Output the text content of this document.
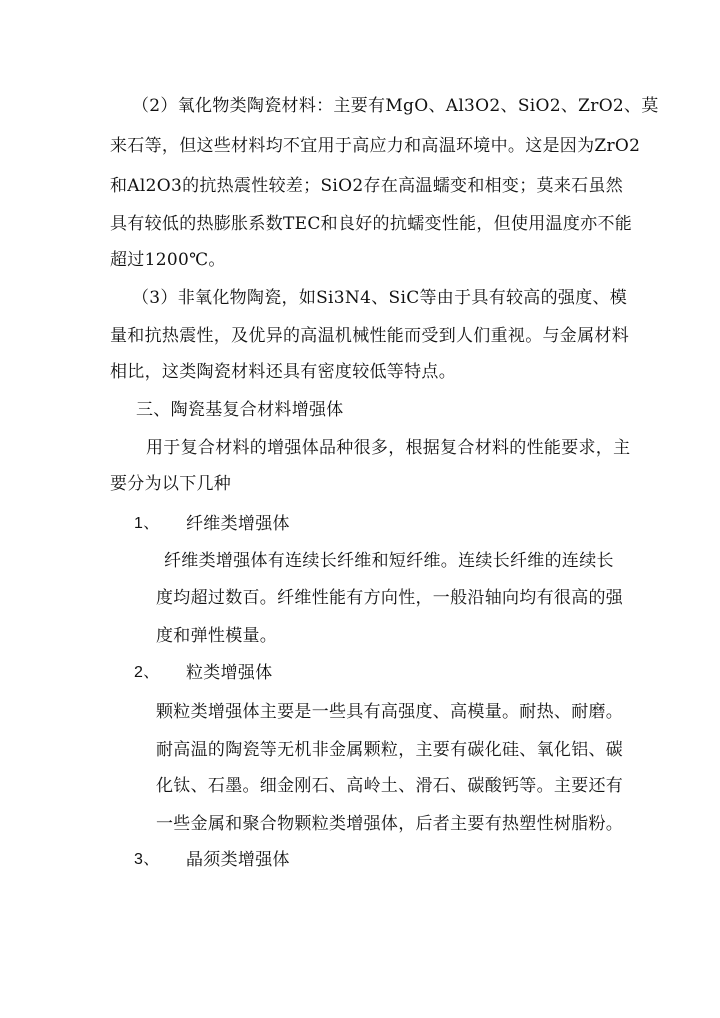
（2）氧化物类陶瓷材料：主要有MgO、Al3O2、SiO2、ZrO2、莫
来石等，但这些材料均不宜用于高应力和高温环境中。这是因为ZrO2
和Al2O3的抗热震性较差；SiO2存在高温蠕变和相变；莫来石虽然
具有较低的热膨胀系数TEC和良好的抗蠕变性能，但使用温度亦不能
超过1200℃。
（3）非氧化物陶瓷，如Si3N4、SiC等由于具有较高的强度、模
量和抗热震性，及优异的高温机械性能而受到人们重视。与金属材料
相比，这类陶瓷材料还具有密度较低等特点。
三、陶瓷基复合材料增强体
用于复合材料的增强体品种很多，根据复合材料的性能要求，主
要分为以下几种
1、 纤维类增强体
纤维类增强体有连续长纤维和短纤维。连续长纤维的连续长
度均超过数百。纤维性能有方向性，一般沿轴向均有很高的强
度和弹性模量。
2、 粒类增强体
颗粒类增强体主要是一些具有高强度、高模量。耐热、耐磨。
耐高温的陶瓷等无机非金属颗粒，主要有碳化硅、氧化铝、碳
化钛、石墨。细金刚石、高岭土、滑石、碳酸钙等。主要还有
一些金属和聚合物颗粒类增强体，后者主要有热塑性树脂粉。
3、 晶须类增强体
